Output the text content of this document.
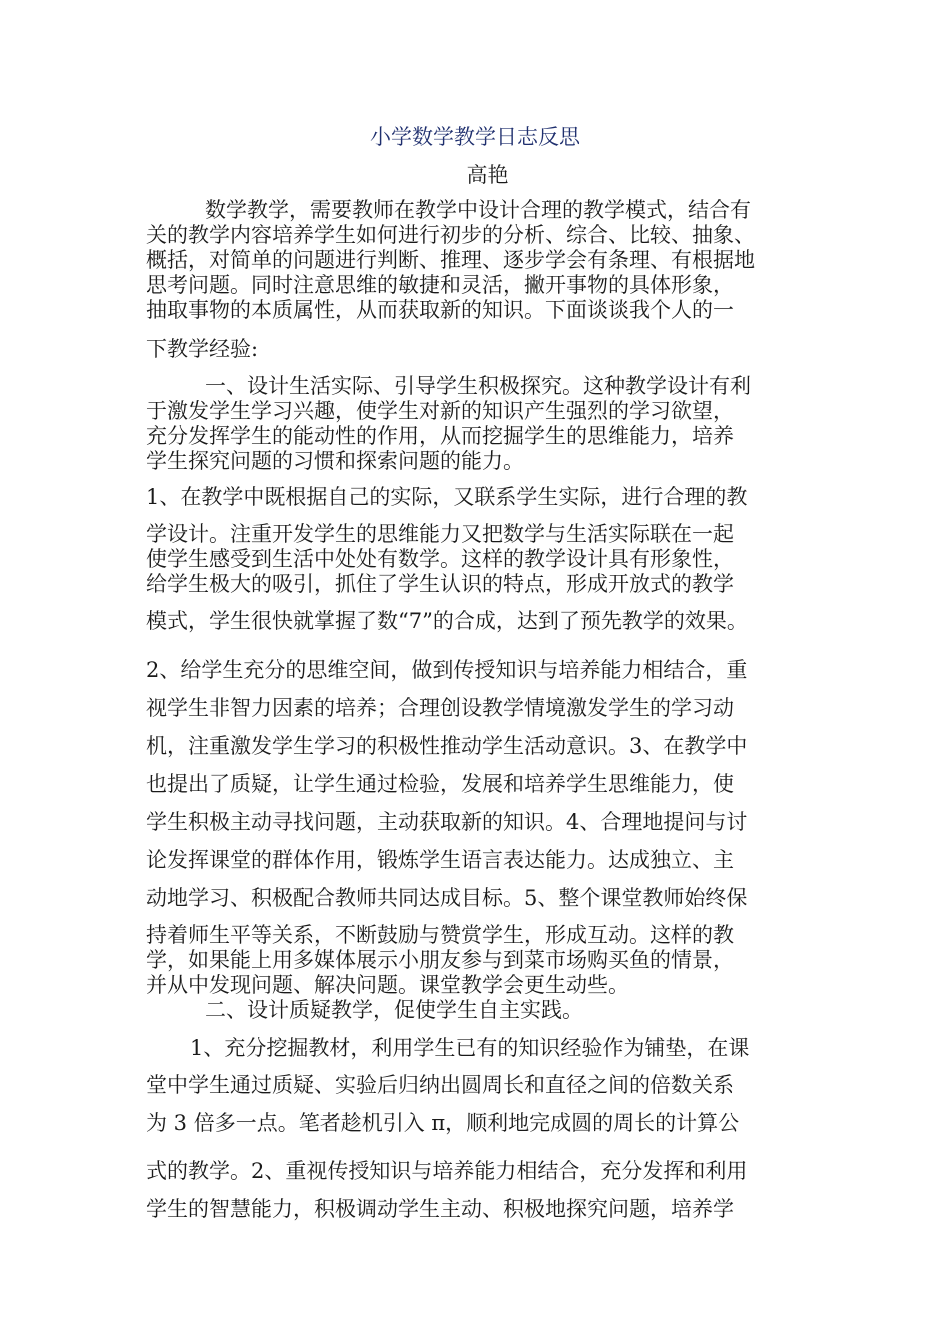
小学数学教学日志反思
高艳
数学教学，需要教师在教学中设计合理的教学模式，结合有
关的教学内容培养学生如何进行初步的分析、综合、比较、抽象、
概括，对简单的问题进行判断、推理、逐步学会有条理、有根据地
思考问题。同时注意思维的敏捷和灵活，撇开事物的具体形象，
抽取事物的本质属性，从而获取新的知识。下面谈谈我个人的一
下教学经验:
一、设计生活实际、引导学生积极探究。这种教学设计有利
于激发学生学习兴趣，使学生对新的知识产生强烈的学习欲望，
充分发挥学生的能动性的作用，从而挖掘学生的思维能力，培养
学生探究问题的习惯和探索问题的能力。
1、在教学中既根据自己的实际，又联系学生实际，进行合理的教
学设计。注重开发学生的思维能力又把数学与生活实际联在一起
使学生感受到生活中处处有数学。这样的教学设计具有形象性，
给学生极大的吸引，抓住了学生认识的特点，形成开放式的教学
模式，学生很快就掌握了数“7”的合成，达到了预先教学的效果。
2、给学生充分的思维空间，做到传授知识与培养能力相结合，重
视学生非智力因素的培养；合理创设教学情境激发学生的学习动
机，注重激发学生学习的积极性推动学生活动意识。3、在教学中
也提出了质疑，让学生通过检验，发展和培养学生思维能力，使
学生积极主动寻找问题，主动获取新的知识。4、合理地提问与讨
论发挥课堂的群体作用，锻炼学生语言表达能力。达成独立、主
动地学习、积极配合教师共同达成目标。5、整个课堂教师始终保
持着师生平等关系，不断鼓励与赞赏学生，形成互动。这样的教
学，如果能上用多媒体展示小朋友参与到菜市场购买鱼的情景，
并从中发现问题、解决问题。课堂教学会更生动些。
二、设计质疑教学，促使学生自主实践。
1、充分挖掘教材，利用学生已有的知识经验作为铺垫，在课
堂中学生通过质疑、实验后归纳出圆周长和直径之间的倍数关系
为 3 倍多一点。笔者趁机引入 π，顺利地完成圆的周长的计算公
式的教学。2、重视传授知识与培养能力相结合，充分发挥和利用
学生的智慧能力，积极调动学生主动、积极地探究问题，培养学
